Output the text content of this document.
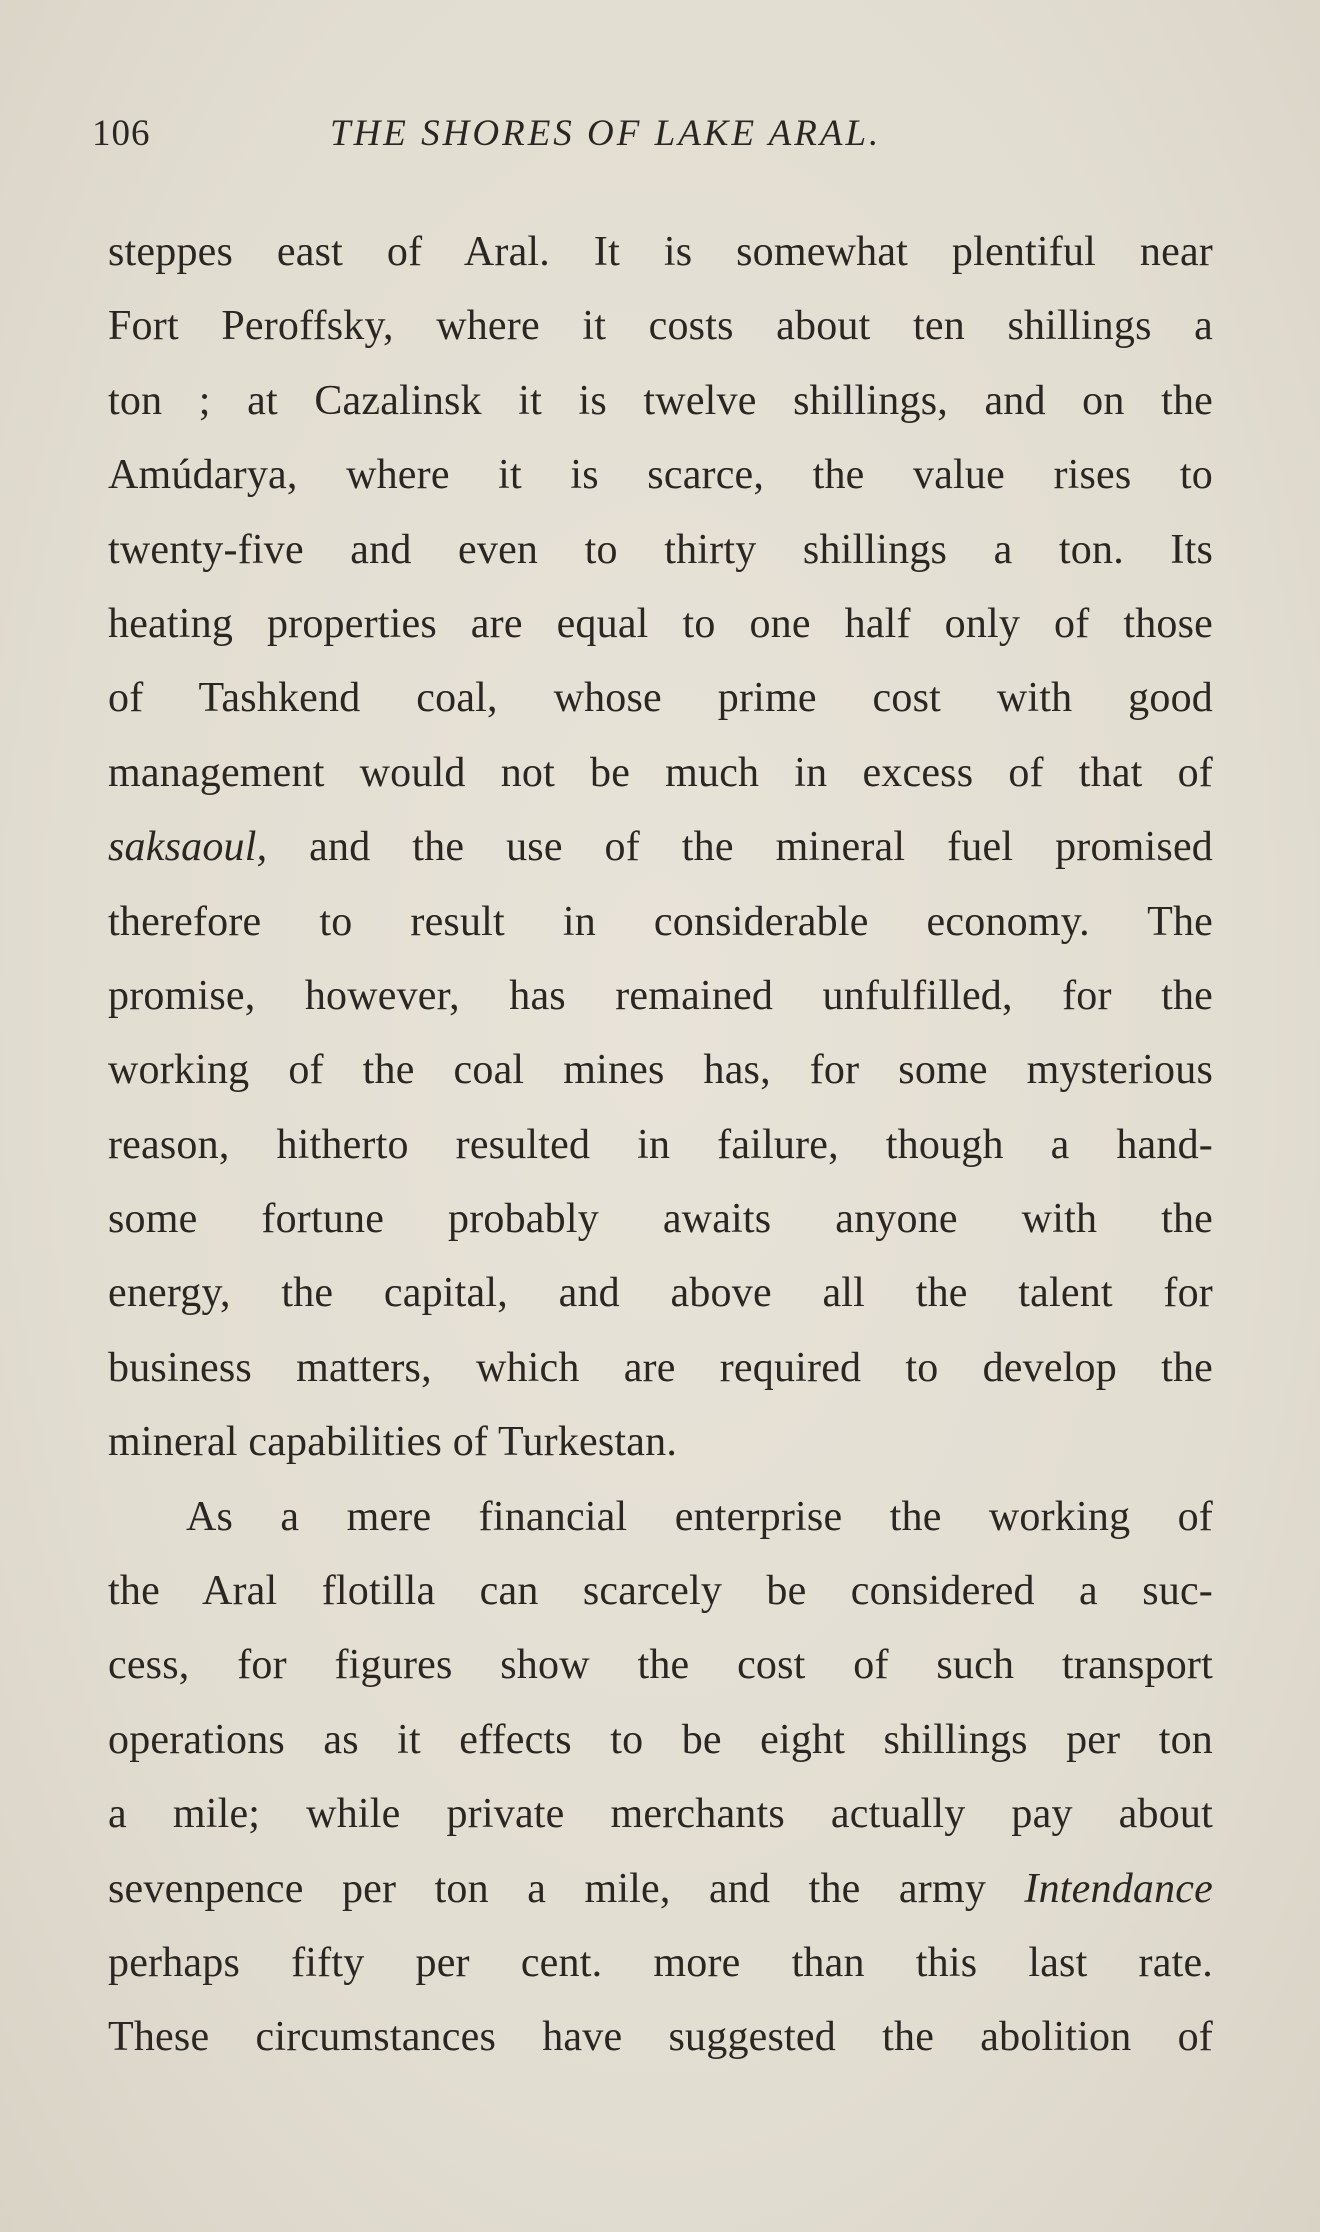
106	THE SHORES OF LAKE ARAL.
steppes east of Aral. It is somewhat plentiful near
Fort Peroffsky, where it costs about ten shillings a
ton ; at Cazalinsk it is twelve shillings, and on the
Amúdarya, where it is scarce, the value rises to
twenty-five and even to thirty shillings a ton. Its
heating properties are equal to one half only of those
of Tashkend coal, whose prime cost with good
management would not be much in excess of that of
saksaoul, and the use of the mineral fuel promised
therefore to result in considerable economy. The
promise, however, has remained unfulfilled, for the
working of the coal mines has, for some mysterious
reason, hitherto resulted in failure, though a hand-
some fortune probably awaits anyone with the
energy, the capital, and above all the talent for
business matters, which are required to develop the
mineral capabilities of Turkestan.
As a mere financial enterprise the working of
the Aral flotilla can scarcely be considered a suc-
cess, for figures show the cost of such transport
operations as it effects to be eight shillings per ton
a mile; while private merchants actually pay about
sevenpence per ton a mile, and the army Intendance
perhaps fifty per cent. more than this last rate.
These circumstances have suggested the abolition of
